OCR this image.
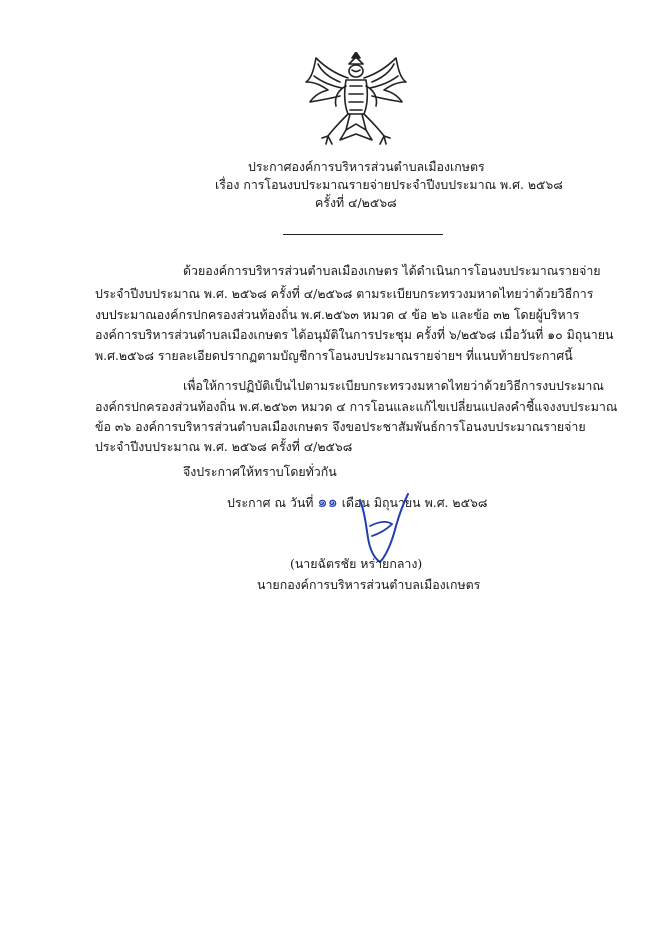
ประกาศองค์การบริหารส่วนตำบลเมืองเกษตร
เรื่อง การโอนงบประมาณรายจ่ายประจำปีงบประมาณ พ.ศ. ๒๕๖๘
ครั้งที่ ๔/๒๕๖๘
ด้วยองค์การบริหารส่วนตำบลเมืองเกษตร ได้ดำเนินการโอนงบประมาณรายจ่าย
ประจำปีงบประมาณ พ.ศ. ๒๕๖๘ ครั้งที่ ๔/๒๕๖๘ ตามระเบียบกระทรวงมหาดไทยว่าด้วยวิธีการ
งบประมาณองค์กรปกครองส่วนท้องถิ่น พ.ศ.๒๕๖๓ หมวด ๔ ข้อ ๒๖ และข้อ ๓๒ โดยผู้บริหาร
องค์การบริหารส่วนตำบลเมืองเกษตร ได้อนุมัติในการประชุม ครั้งที่ ๖/๒๕๖๘ เมื่อวันที่ ๑๐ มิถุนายน
พ.ศ.๒๕๖๘ รายละเอียดปรากฏตามบัญชีการโอนงบประมาณรายจ่ายฯ ที่แนบท้ายประกาศนี้
เพื่อให้การปฏิบัติเป็นไปตามระเบียบกระทรวงมหาดไทยว่าด้วยวิธีการงบประมาณ
องค์กรปกครองส่วนท้องถิ่น พ.ศ.๒๕๖๓ หมวด ๔ การโอนและแก้ไขเปลี่ยนแปลงคำชี้แจงงบประมาณ
ข้อ ๓๖ องค์การบริหารส่วนตำบลเมืองเกษตร จึงขอประชาสัมพันธ์การโอนงบประมาณรายจ่าย
ประจำปีงบประมาณ พ.ศ. ๒๕๖๘ ครั้งที่ ๔/๒๕๖๘
จึงประกาศให้ทราบโดยทั่วกัน
ประกาศ ณ วันที่ ๑๑ เดือน มิถุนายน พ.ศ. ๒๕๖๘
(นายฉัตรชัย หร่ายกลาง)
นายกองค์การบริหารส่วนตำบลเมืองเกษตร
